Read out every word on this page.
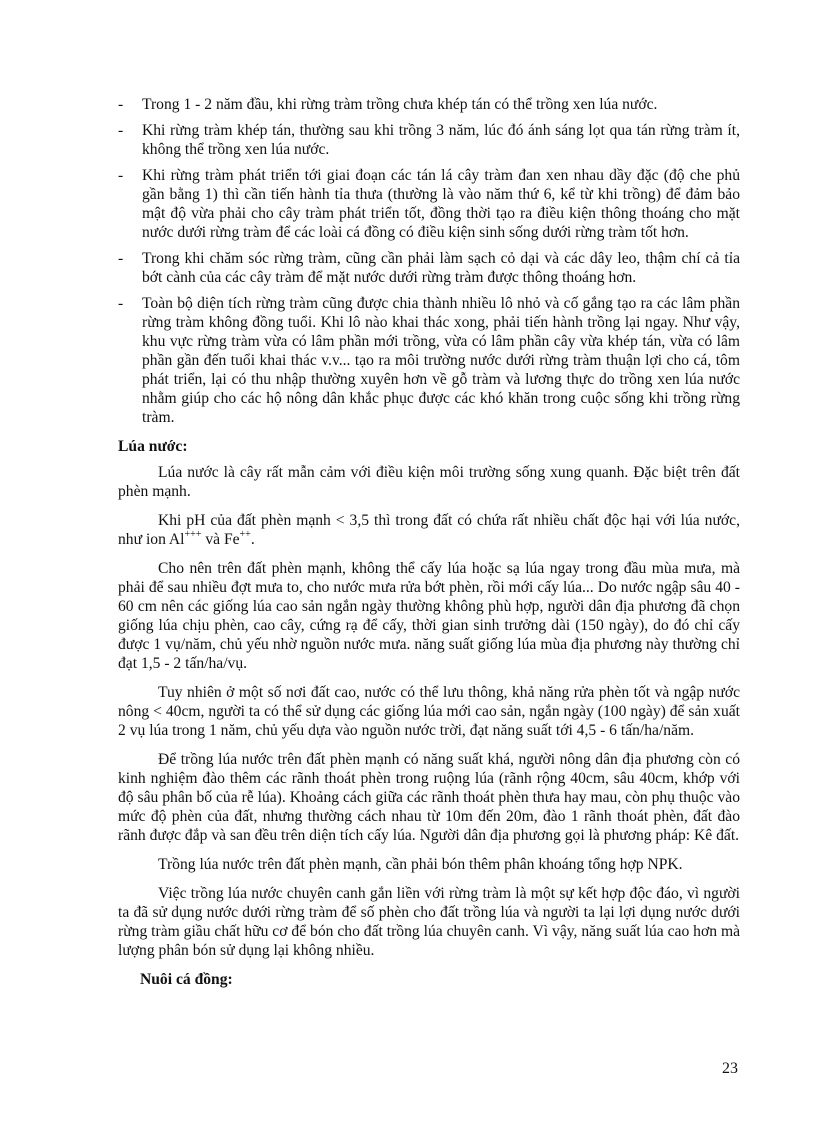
- Trong 1 - 2 năm đầu, khi rừng tràm trồng chưa khép tán có thể trồng xen lúa nước.
- Khi rừng tràm khép tán, thường sau khi trồng 3 năm, lúc đó ánh sáng lọt qua tán rừng tràm ít, không thể trồng xen lúa nước.
- Khi rừng tràm phát triển tới giai đoạn các tán lá cây tràm đan xen nhau dầy đặc (độ che phủ gần bằng 1) thì cần tiến hành tỉa thưa (thường là vào năm thứ 6, kể từ khi trồng) để đảm bảo mật độ vừa phải cho cây tràm phát triển tốt, đồng thời tạo ra điều kiện thông thoáng cho mặt nước dưới rừng tràm để các loài cá đồng có điều kiện sinh sống dưới rừng tràm tốt hơn.
- Trong khi chăm sóc rừng tràm, cũng cần phải làm sạch cỏ dại và các dây leo, thậm chí cả tỉa bớt cành của các cây tràm để mặt nước dưới rừng tràm được thông thoáng hơn.
- Toàn bộ diện tích rừng tràm cũng được chia thành nhiều lô nhỏ và cố gắng tạo ra các lâm phần rừng tràm không đồng tuổi. Khi lô nào khai thác xong, phải tiến hành trồng lại ngay. Như vậy, khu vực rừng tràm vừa có lâm phần mới trồng, vừa có lâm phần cây vừa khép tán, vừa có lâm phần gần đến tuổi khai thác v.v... tạo ra môi trường nước dưới rừng tràm thuận lợi cho cá, tôm phát triển, lại có thu nhập thường xuyên hơn về gỗ tràm và lương thực do trồng xen lúa nước nhằm giúp cho các hộ nông dân khắc phục được các khó khăn trong cuộc sống khi trồng rừng tràm.

Lúa nước:

Lúa nước là cây rất mẫn cảm với điều kiện môi trường sống xung quanh. Đặc biệt trên đất phèn mạnh.

Khi pH của đất phèn mạnh < 3,5 thì trong đất có chứa rất nhiều chất độc hại với lúa nước, như ion Al+++ và Fe++.

Cho nên trên đất phèn mạnh, không thể cấy lúa hoặc sạ lúa ngay trong đầu mùa mưa, mà phải để sau nhiều đợt mưa to, cho nước mưa rửa bớt phèn, rồi mới cấy lúa... Do nước ngập sâu 40 - 60 cm nên các giống lúa cao sản ngắn ngày thường không phù hợp, người dân địa phương đã chọn giống lúa chịu phèn, cao cây, cứng rạ để cấy, thời gian sinh trưởng dài (150 ngày), do đó chỉ cấy được 1 vụ/năm, chủ yếu nhờ nguồn nước mưa. năng suất giống lúa mùa địa phương này thường chỉ đạt 1,5 - 2 tấn/ha/vụ.

Tuy nhiên ở một số nơi đất cao, nước có thể lưu thông, khả năng rửa phèn tốt và ngập nước nông < 40cm, người ta có thể sử dụng các giống lúa mới cao sản, ngắn ngày (100 ngày) để sản xuất 2 vụ lúa trong 1 năm, chủ yếu dựa vào nguồn nước trời, đạt năng suất tới 4,5 - 6 tấn/ha/năm.

Để trồng lúa nước trên đất phèn mạnh có năng suất khá, người nông dân địa phương còn có kinh nghiệm đào thêm các rãnh thoát phèn trong ruộng lúa (rãnh rộng 40cm, sâu 40cm, khớp với độ sâu phân bố của rễ lúa). Khoảng cách giữa các rãnh thoát phèn thưa hay mau, còn phụ thuộc vào mức độ phèn của đất, nhưng thường cách nhau từ 10m đến 20m, đào 1 rãnh thoát phèn, đất đào rãnh được đắp và san đều trên diện tích cấy lúa. Người dân địa phương gọi là phương pháp: Kê đất.

Trồng lúa nước trên đất phèn mạnh, cần phải bón thêm phân khoáng tổng hợp NPK.

Việc trồng lúa nước chuyên canh gắn liền với rừng tràm là một sự kết hợp độc đáo, vì người ta đã sử dụng nước dưới rừng tràm để số phèn cho đất trồng lúa và người ta lại lợi dụng nước dưới rừng tràm giầu chất hữu cơ để bón cho đất trồng lúa chuyên canh. Vì vậy, năng suất lúa cao hơn mà lượng phân bón sử dụng lại không nhiều.

Nuôi cá đồng:

23
